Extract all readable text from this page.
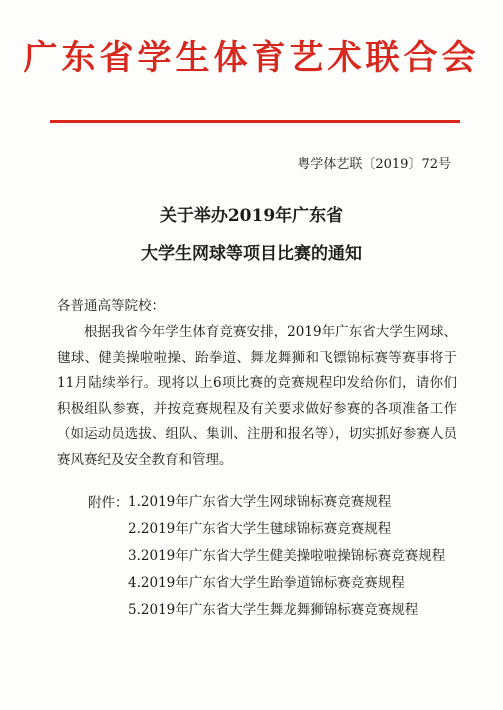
广东省学生体育艺术联合会
粤学体艺联〔2019〕72号
关于举办2019年广东省
大学生网球等项目比赛的通知
各普通高等院校：
根据我省今年学生体育竞赛安排，2019年广东省大学生网球、毽球、健美操啦啦操、跆拳道、舞龙舞狮和飞镖锦标赛等赛事将于11月陆续举行。现将以上6项比赛的竞赛规程印发给你们，请你们积极组队参赛，并按竞赛规程及有关要求做好参赛的各项准备工作（如运动员选拔、组队、集训、注册和报名等），切实抓好参赛人员赛风赛纪及安全教育和管理。
附件： 1.2019年广东省大学生网球锦标赛竞赛规程
2.2019年广东省大学生毽球锦标赛竞赛规程
3.2019年广东省大学生健美操啦啦操锦标赛竞赛规程
4.2019年广东省大学生跆拳道锦标赛竞赛规程
5.2019年广东省大学生舞龙舞狮锦标赛竞赛规程
